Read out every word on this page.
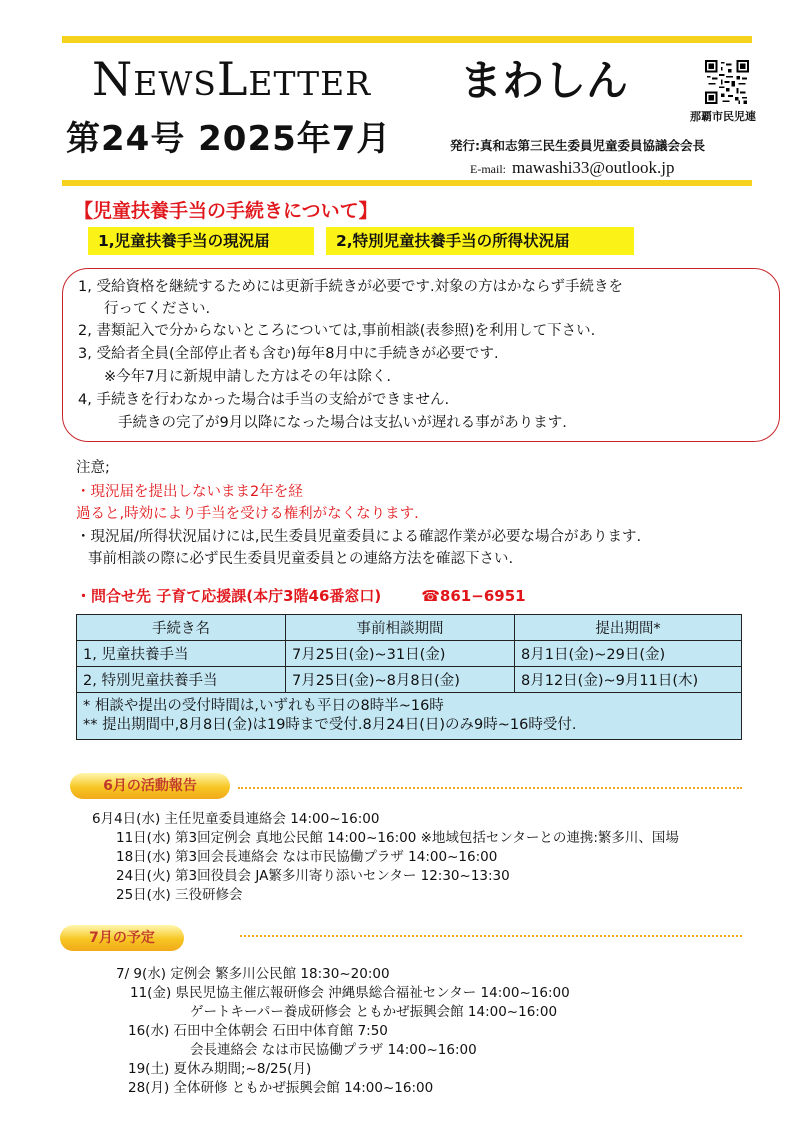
NEWSLETTER まわしん
那覇市民児連
第24号 2025年7月	発行:真和志第三民生委員児童委員協議会会長
E-mail: mawashi33@outlook.jp
【児童扶養手当の手続きについて】
1,児童扶養手当の現況届	2,特別児童扶養手当の所得状況届
1, 受給資格を継続するためには更新手続きが必要です.対象の方はかならず手続きを
行ってください.
2, 書類記入で分からないところについては,事前相談(表参照)を利用して下さい.
3, 受給者全員(全部停止者も含む)毎年8月中に手続きが必要です.
※今年7月に新規申請した方はその年は除く.
4, 手続きを行わなかった場合は手当の支給ができません.
手続きの完了が9月以降になった場合は支払いが遅れる事があります.
注意;
・現況届を提出しないまま2年を経
過ると,時効により手当を受ける権利がなくなります.
・現況届/所得状況届けには,民生委員児童委員による確認作業が必要な場合があります.
事前相談の際に必ず民生委員児童委員との連絡方法を確認下さい.
・問合せ先 子育て応援課(本庁3階46番窓口)	☎861−6951
手続き名	事前相談期間	提出期間*
1, 児童扶養手当	7月25日(金)~31日(金)	8月1日(金)~29日(金)
2, 特別児童扶養手当	7月25日(金)~8月8日(金)	8月12日(金)~9月11日(木)

* 相談や提出の受付時間は,いずれも平日の8時半~16時
** 提出期間中,8月8日(金)は19時まで受付.8月24日(日)のみ9時~16時受付.		
6月の活動報告
6月4日(水) 主任児童委員連絡会 14:00~16:00
11日(水) 第3回定例会 真地公民館 14:00~16:00 ※地域包括センターとの連携:繁多川、国場
18日(水) 第3回会長連絡会 なは市民協働プラザ 14:00~16:00
24日(火) 第3回役員会 JA繁多川寄り添いセンター 12:30~13:30
25日(水) 三役研修会
7月の予定
7/ 9(水) 定例会 繁多川公民館 18:30~20:00
11(金) 県民児協主催広報研修会 沖縄県総合福祉センター 14:00~16:00
ゲートキーパー養成研修会 ともかぜ振興会館 14:00~16:00
16(水) 石田中全体朝会 石田中体育館 7:50
会長連絡会 なは市民協働プラザ 14:00~16:00
19(土) 夏休み期間;~8/25(月)
28(月) 全体研修 ともかぜ振興会館 14:00~16:00
